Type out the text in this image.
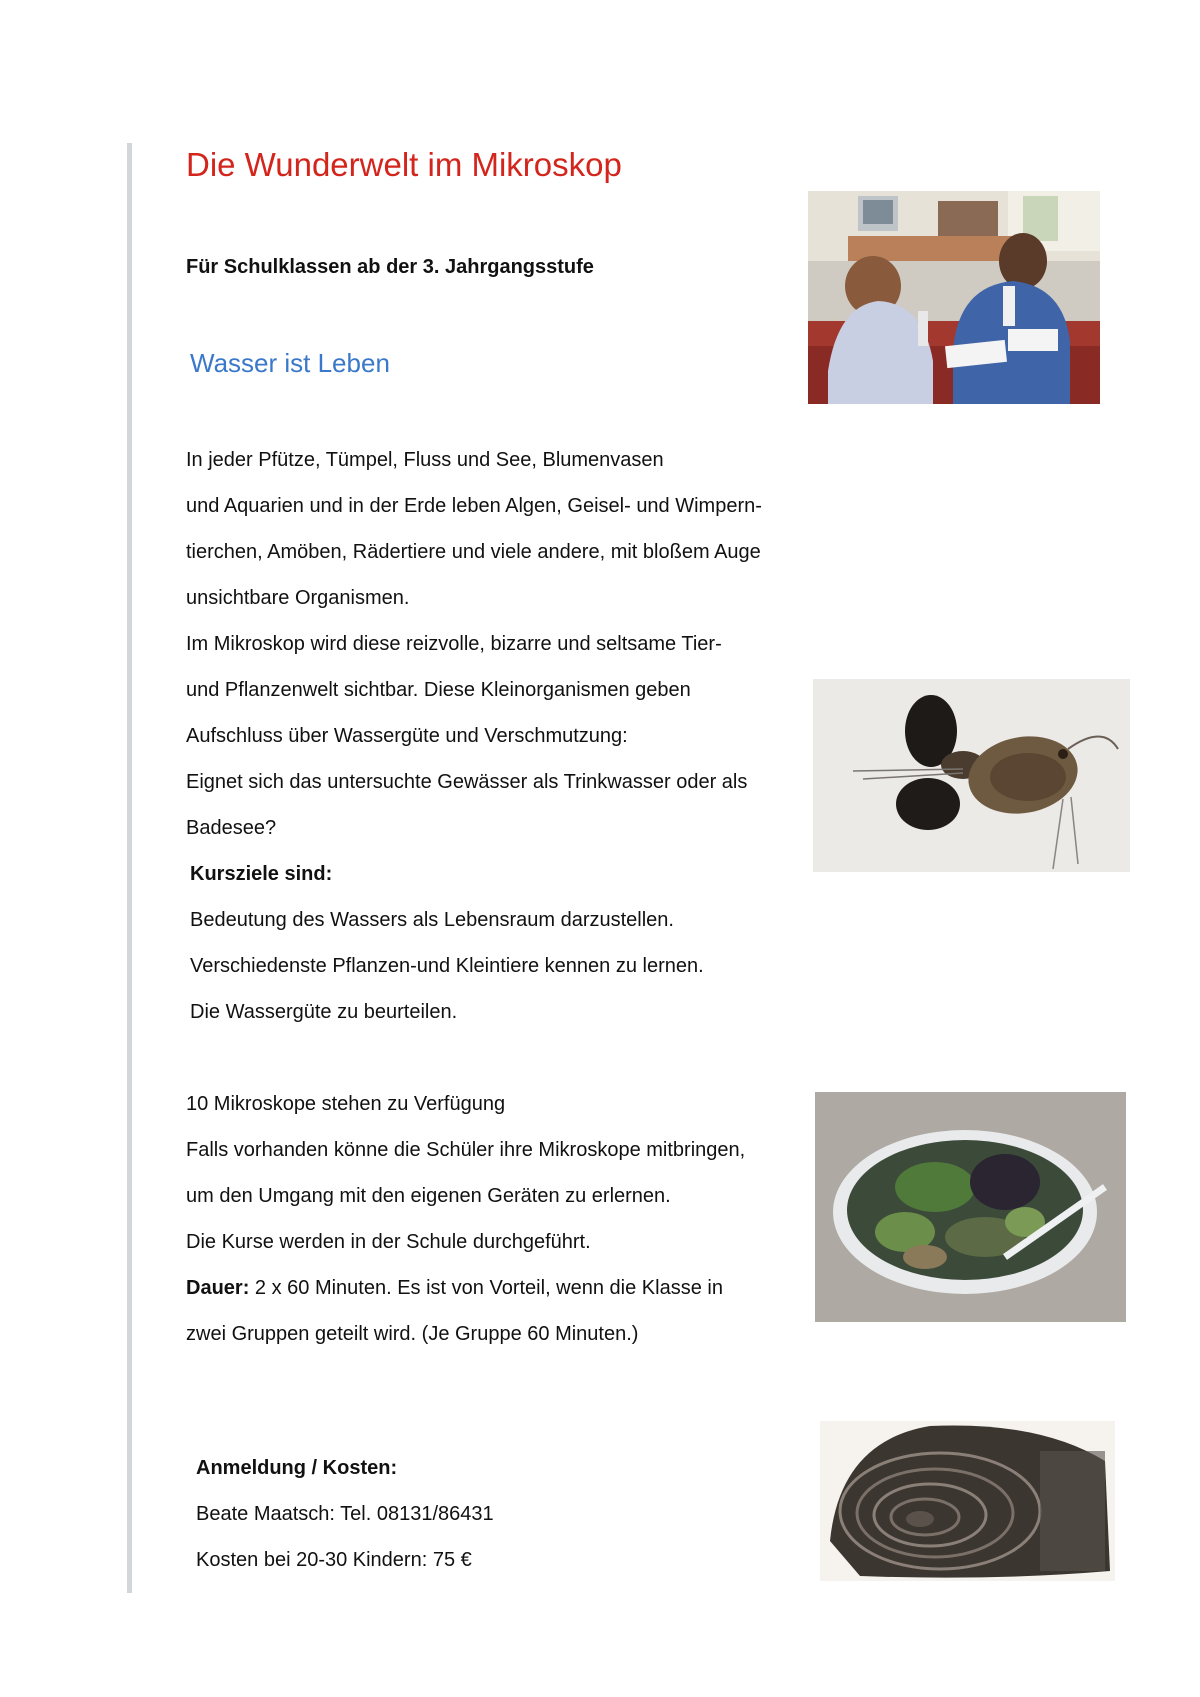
Die Wunderwelt im Mikroskop
Für Schulklassen ab der 3. Jahrgangsstufe
Wasser ist Leben
In jeder Pfütze, Tümpel, Fluss und See, Blumenvasen
und Aquarien und in der Erde leben Algen, Geisel- und Wimpern-
tierchen, Amöben, Rädertiere und viele andere, mit bloßem Auge
unsichtbare Organismen.
Im Mikroskop wird diese reizvolle, bizarre und seltsame Tier-
und Pflanzenwelt sichtbar. Diese Kleinorganismen geben
Aufschluss über Wassergüte und Verschmutzung:
Eignet sich das untersuchte Gewässer als Trinkwasser oder als
Badesee?
Kursziele sind:
Bedeutung des Wassers als Lebensraum darzustellen.
Verschiedenste Pflanzen-und Kleintiere kennen zu lernen.
Die Wassergüte zu beurteilen.
10 Mikroskope stehen zu Verfügung
Falls vorhanden könne die Schüler ihre Mikroskope mitbringen,
um den Umgang mit den eigenen Geräten zu erlernen.
Die Kurse werden in der Schule durchgeführt.
Dauer: 2 x 60 Minuten. Es ist von Vorteil, wenn die Klasse in
zwei Gruppen geteilt wird. (Je Gruppe 60 Minuten.)
Anmeldung / Kosten:
Beate Maatsch: Tel. 08131/86431
Kosten bei 20-30 Kindern: 75 €
